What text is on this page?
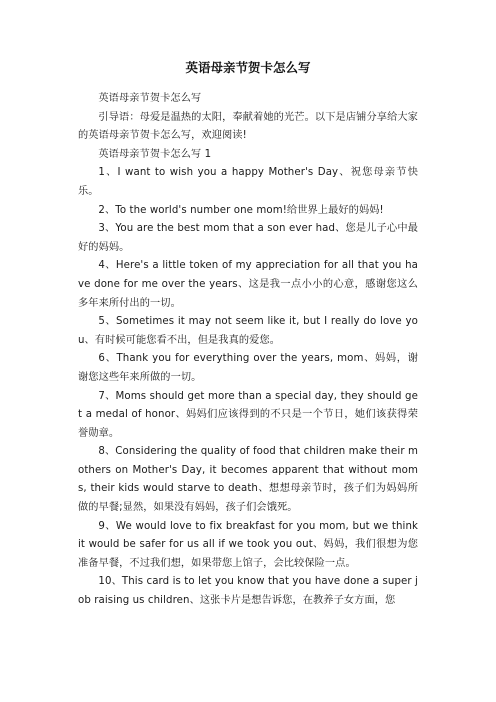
英语母亲节贺卡怎么写

英语母亲节贺卡怎么写

引导语：母爱是温热的太阳，奉献着她的光芒。以下是店铺分享给大家的英语母亲节贺卡怎么写，欢迎阅读!

英语母亲节贺卡怎么写 1

1、I want to wish you a happy Mother's Day、祝您母亲节快乐。

2、To the world's number one mom!给世界上最好的妈妈!

3、You are the best mom that a son ever had、您是儿子心中最好的妈妈。

4、Here's a little token of my appreciation for all that you have done for me over the years、这是我一点小小的心意，感谢您这么多年来所付出的一切。

5、Sometimes it may not seem like it, but I really do love you、有时候可能您看不出，但是我真的爱您。

6、Thank you for everything over the years, mom、妈妈，谢谢您这些年来所做的一切。

7、Moms should get more than a special day, they should get a medal of honor、妈妈们应该得到的不只是一个节日，她们该获得荣誉勋章。

8、Considering the quality of food that children make their mothers on Mother's Day, it becomes apparent that without moms, their kids would starve to death、想想母亲节时，孩子们为妈妈所做的早餐;显然，如果没有妈妈，孩子们会饿死。

9、We would love to fix breakfast for you mom, but we think it would be safer for us all if we took you out、妈妈，我们很想为您准备早餐，不过我们想，如果带您上馆子，会比较保险一点。

10、This card is to let you know that you have done a super job raising us children、这张卡片是想告诉您，在教养子女方面，您
